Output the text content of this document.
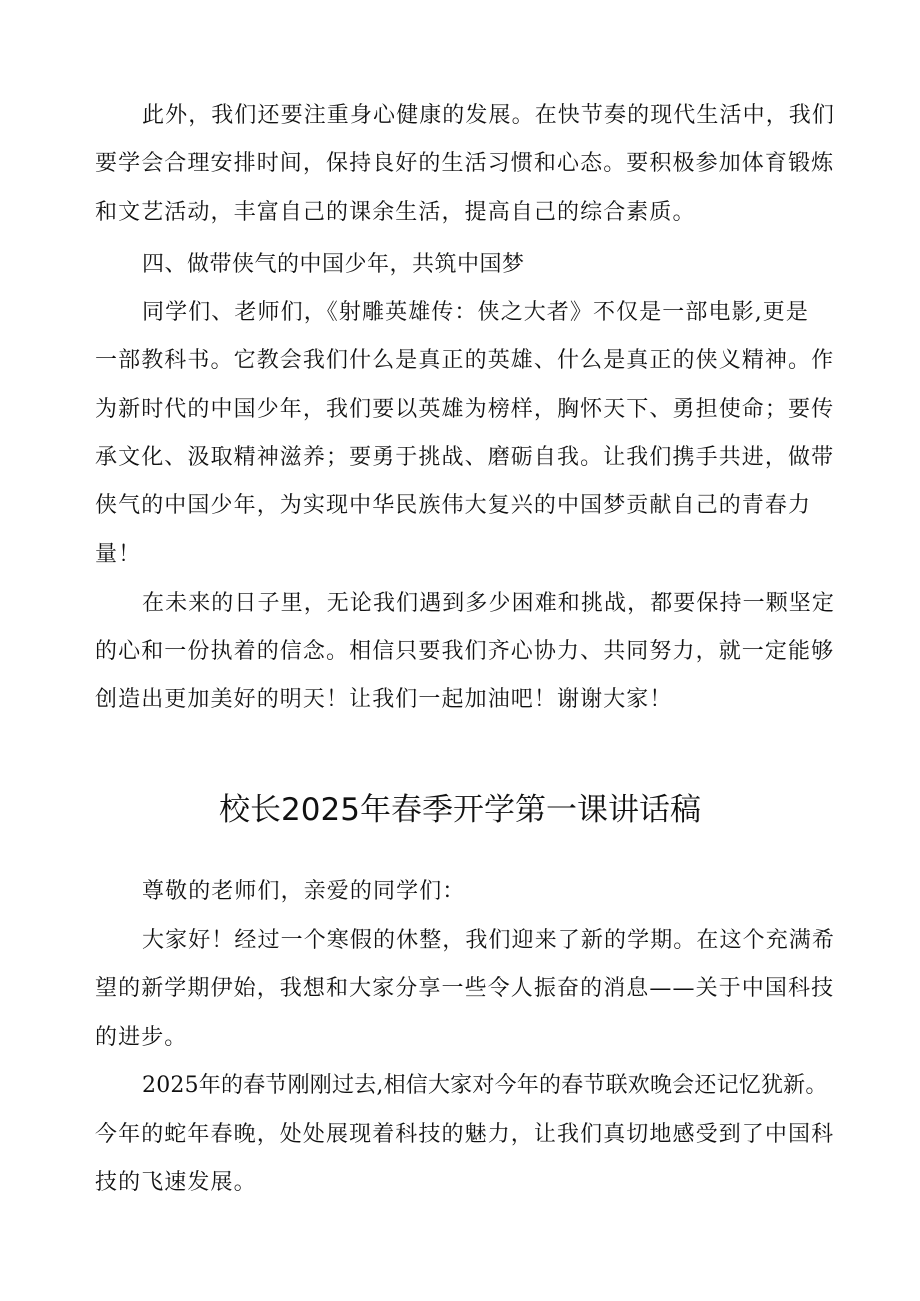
此外，我们还要注重身心健康的发展。在快节奏的现代生活中，我们

要学会合理安排时间，保持良好的生活习惯和心态。要积极参加体育锻炼

和文艺活动，丰富自己的课余生活，提高自己的综合素质。

四、做带侠气的中国少年，共筑中国梦

同学们、老师们，《射雕英雄传：侠之大者》不仅是一部电影,更是

一部教科书。它教会我们什么是真正的英雄、什么是真正的侠义精神。作

为新时代的中国少年，我们要以英雄为榜样，胸怀天下、勇担使命；要传

承文化、汲取精神滋养；要勇于挑战、磨砺自我。让我们携手共进，做带

侠气的中国少年，为实现中华民族伟大复兴的中国梦贡献自己的青春力

量！

在未来的日子里，无论我们遇到多少困难和挑战，都要保持一颗坚定

的心和一份执着的信念。相信只要我们齐心协力、共同努力，就一定能够

创造出更加美好的明天！让我们一起加油吧！谢谢大家！

校长2025年春季开学第一课讲话稿

尊敬的老师们，亲爱的同学们：

大家好！经过一个寒假的休整，我们迎来了新的学期。在这个充满希

望的新学期伊始，我想和大家分享一些令人振奋的消息——关于中国科技

的进步。

2025年的春节刚刚过去,相信大家对今年的春节联欢晚会还记忆犹新。

今年的蛇年春晚，处处展现着科技的魅力，让我们真切地感受到了中国科

技的飞速发展。
